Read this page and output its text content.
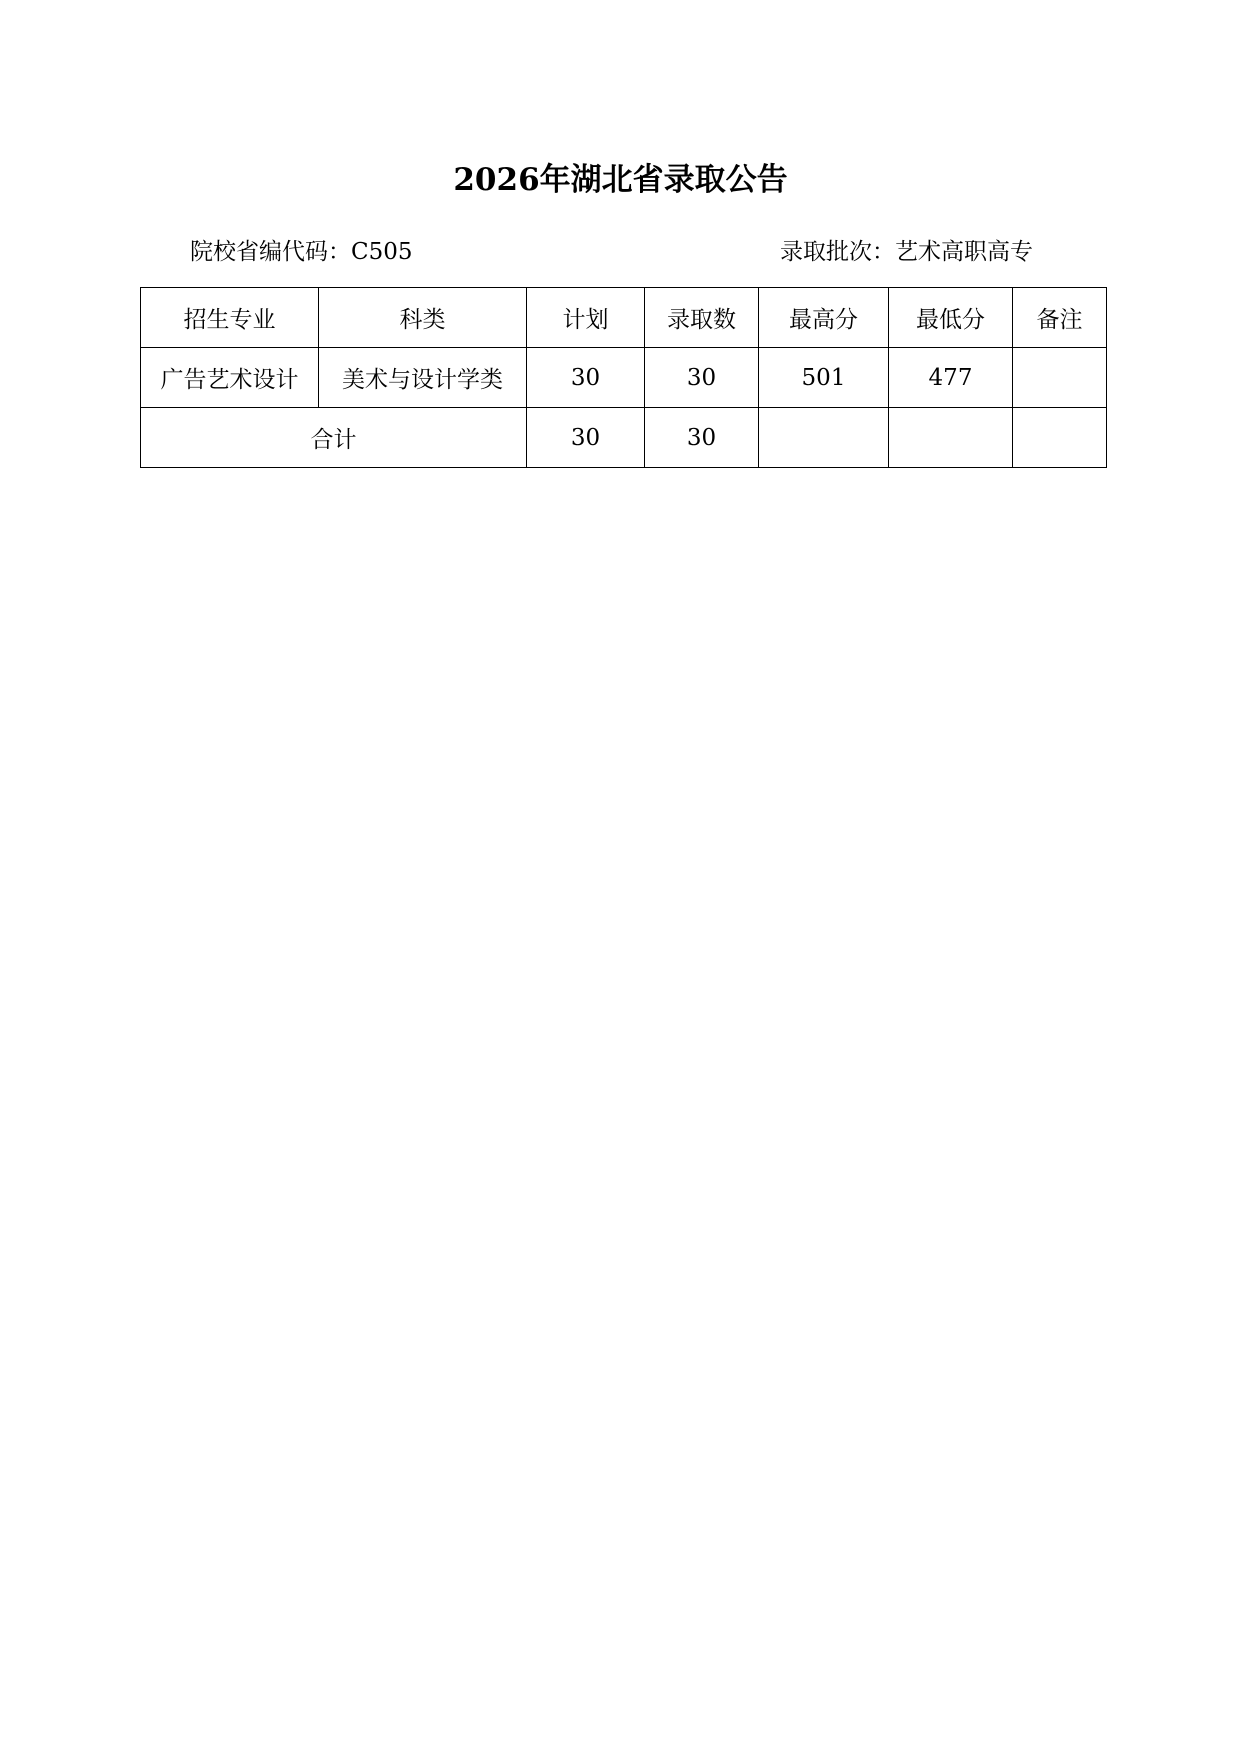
2026年湖北省录取公告
院校省编代码：C505	录取批次：艺术高职高专
招生专业	科类	计划	录取数	最高分	最低分	备注
广告艺术设计	美术与设计学类	30	30	501	477	
合计		30	30			
